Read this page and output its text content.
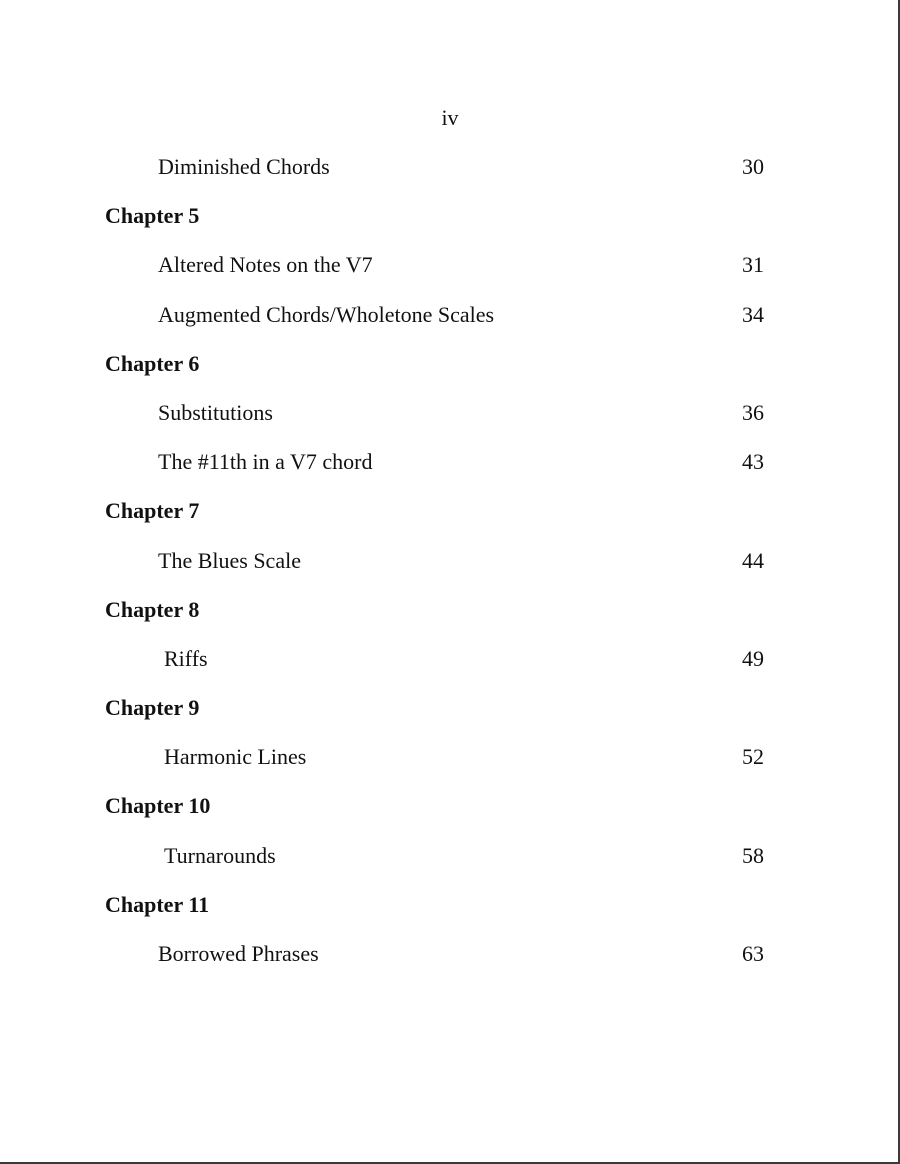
iv
Diminished Chords	30
Chapter 5
Altered Notes on the V7	31
Augmented Chords/Wholetone Scales	34
Chapter 6
Substitutions	36
The #11th in a V7 chord	43
Chapter 7
The Blues Scale	44
Chapter 8
Riffs	49
Chapter 9
Harmonic Lines	52
Chapter 10
Turnarounds	58
Chapter 11
Borrowed Phrases	63
